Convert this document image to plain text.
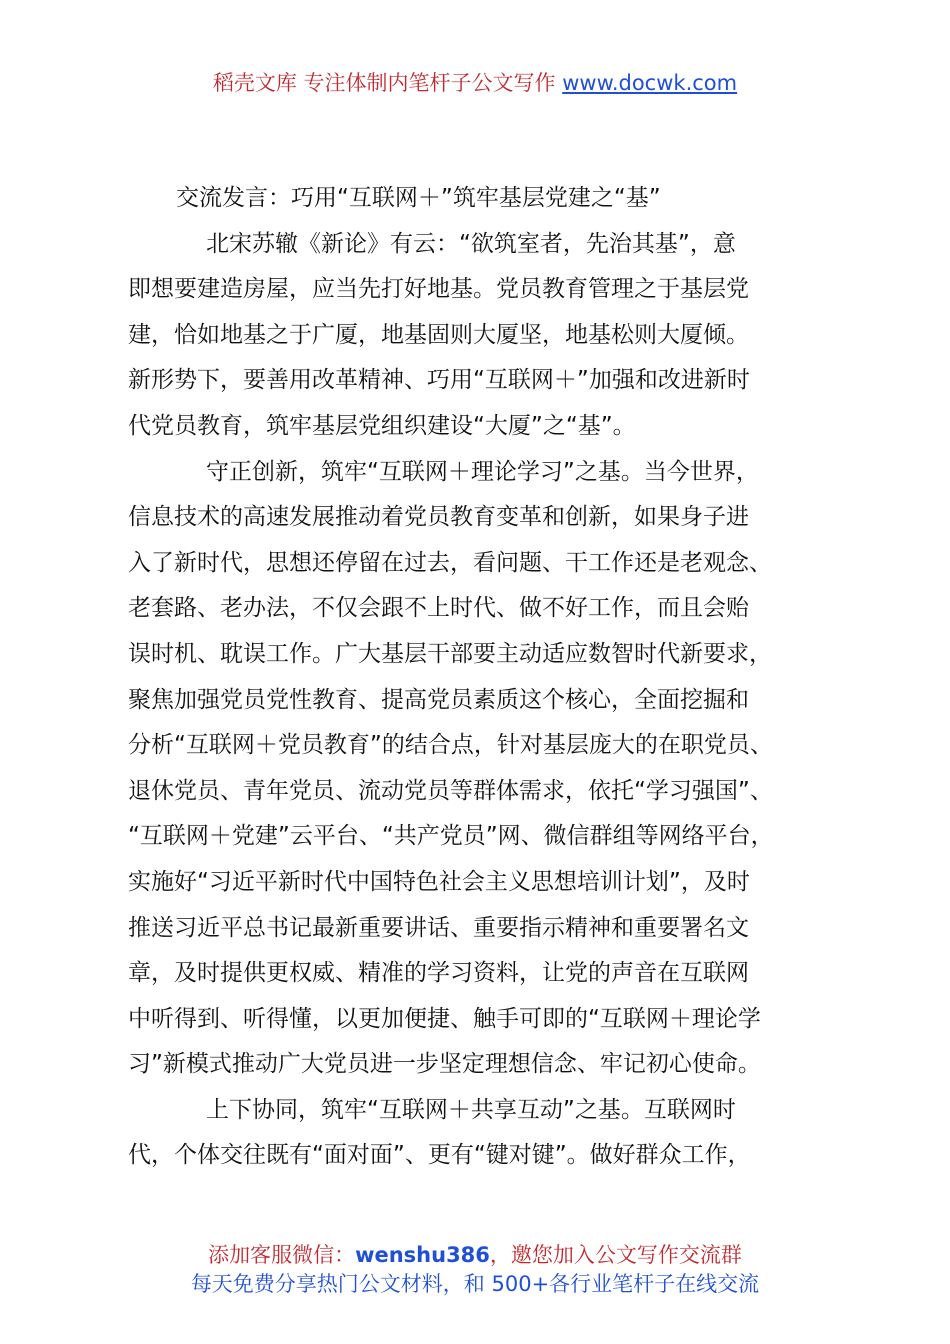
稻壳文库 专注体制内笔杆子公文写作 www.docwk.com
交流发言：巧用“互联网＋”筑牢基层党建之“基”
北宋苏辙《新论》有云：“欲筑室者，先治其基”，意
即想要建造房屋，应当先打好地基。党员教育管理之于基层党
建，恰如地基之于广厦，地基固则大厦坚，地基松则大厦倾。
新形势下，要善用改革精神、巧用“互联网＋”加强和改进新时
代党员教育，筑牢基层党组织建设“大厦”之“基”。
守正创新，筑牢“互联网＋理论学习”之基。当今世界，
信息技术的高速发展推动着党员教育变革和创新，如果身子进
入了新时代，思想还停留在过去，看问题、干工作还是老观念、
老套路、老办法，不仅会跟不上时代、做不好工作，而且会贻
误时机、耽误工作。广大基层干部要主动适应数智时代新要求，
聚焦加强党员党性教育、提高党员素质这个核心，全面挖掘和
分析“互联网＋党员教育”的结合点，针对基层庞大的在职党员、
退休党员、青年党员、流动党员等群体需求，依托“学习强国”、
“互联网＋党建”云平台、“共产党员”网、微信群组等网络平台，
实施好“习近平新时代中国特色社会主义思想培训计划”，及时
推送习近平总书记最新重要讲话、重要指示精神和重要署名文
章，及时提供更权威、精准的学习资料，让党的声音在互联网
中听得到、听得懂，以更加便捷、触手可即的“互联网＋理论学
习”新模式推动广大党员进一步坚定理想信念、牢记初心使命。
上下协同，筑牢“互联网＋共享互动”之基。互联网时
代，个体交往既有“面对面”、更有“键对键”。做好群众工作，
添加客服微信：wenshu386，邀您加入公文写作交流群
每天免费分享热门公文材料，和 500+各行业笔杆子在线交流
